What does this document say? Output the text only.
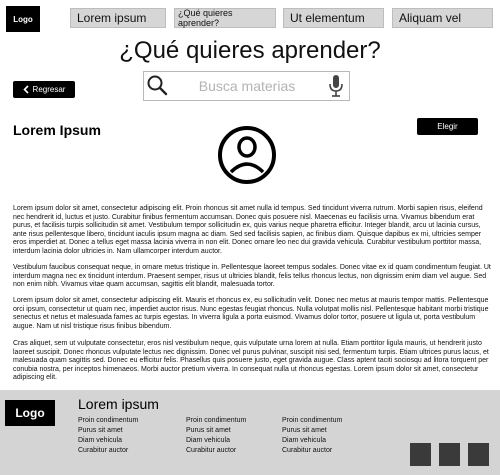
Logo	Lorem ipsum	¿Qué quieres aprender?	Ut elementum	Aliquam vel
¿Qué quieres aprender?
Busca materias
Regresar
Lorem Ipsum	Elegir

Lorem ipsum dolor sit amet, consectetur adipiscing elit. Proin rhoncus sit amet nulla id tempus. Sed tincidunt viverra rutrum. Morbi sapien risus, eleifend nec hendrerit id, luctus et justo. Curabitur finibus fermentum accumsan. Donec quis posuere nisl. Maecenas eu facilisis urna. Vivamus bibendum erat purus, et facilisis turpis sollicitudin sit amet. Vestibulum tempor sollicitudin ex, quis varius neque pharetra efficitur. Integer blandit, arcu ut lacinia cursus, ante risus pellentesque libero, tincidunt iaculis ipsum magna ac diam. Sed sed facilisis sapien, ac finibus diam. Quisque dapibus ex mi, ultricies semper eros imperdiet at. Donec a tellus eget massa lacinia viverra in non elit. Donec ornare leo nec dui gravida vehicula. Curabitur vestibulum porttitor massa, interdum lacinia dolor ultricies in. Nam ullamcorper interdum auctor.

Vestibulum faucibus consequat neque, in ornare metus tristique in. Pellentesque laoreet tempus sodales. Donec vitae ex id quam condimentum feugiat. Ut interdum magna nec ex tincidunt interdum. Praesent semper, risus ut ultricies blandit, felis tellus rhoncus lectus, non dignissim enim diam vel augue. Sed non enim nibh. Vivamus vitae quam accumsan, sagittis elit blandit, malesuada tortor.

Lorem ipsum dolor sit amet, consectetur adipiscing elit. Mauris et rhoncus ex, eu sollicitudin velit. Donec nec metus at mauris tempor mattis. Pellentesque orci ipsum, consectetur ut quam nec, imperdiet auctor risus. Nunc egestas feugiat rhoncus. Nulla volutpat mollis nisl. Pellentesque habitant morbi tristique senectus et netus et malesuada fames ac turpis egestas. In viverra ligula a porta euismod. Vivamus dolor tortor, posuere ut ligula ut, porta vestibulum augue. Nam ut nisl tristique risus finibus bibendum.

Cras aliquet, sem ut vulputate consectetur, eros nisl vestibulum neque, quis vulputate urna lorem at nulla. Etiam porttitor ligula mauris, ut hendrerit justo laoreet suscipit. Donec rhoncus vulputate lectus nec dignissim. Donec vel purus pulvinar, suscipit nisi sed, fermentum turpis. Etiam ultrices purus lacus, et malesuada quam sagittis sed. Donec eu efficitur felis. Phasellus quis posuere justo, eget gravida augue. Class aptent taciti sociosqu ad litora torquent per conubia nostra, per inceptos himenaeos. Morbi auctor pretium viverra. In consequat nulla ut rhoncus egestas. Lorem ipsum dolor sit amet, consectetur adipiscing elit.

Logo
Lorem ipsum
Proin condimentum
Purus sit amet
Diam vehicula
Curabitur auctor
Proin condimentum
Purus sit amet
Diam vehicula
Curabitur auctor
Proin condimentum
Purus sit amet
Diam vehicula
Curabitur auctor
